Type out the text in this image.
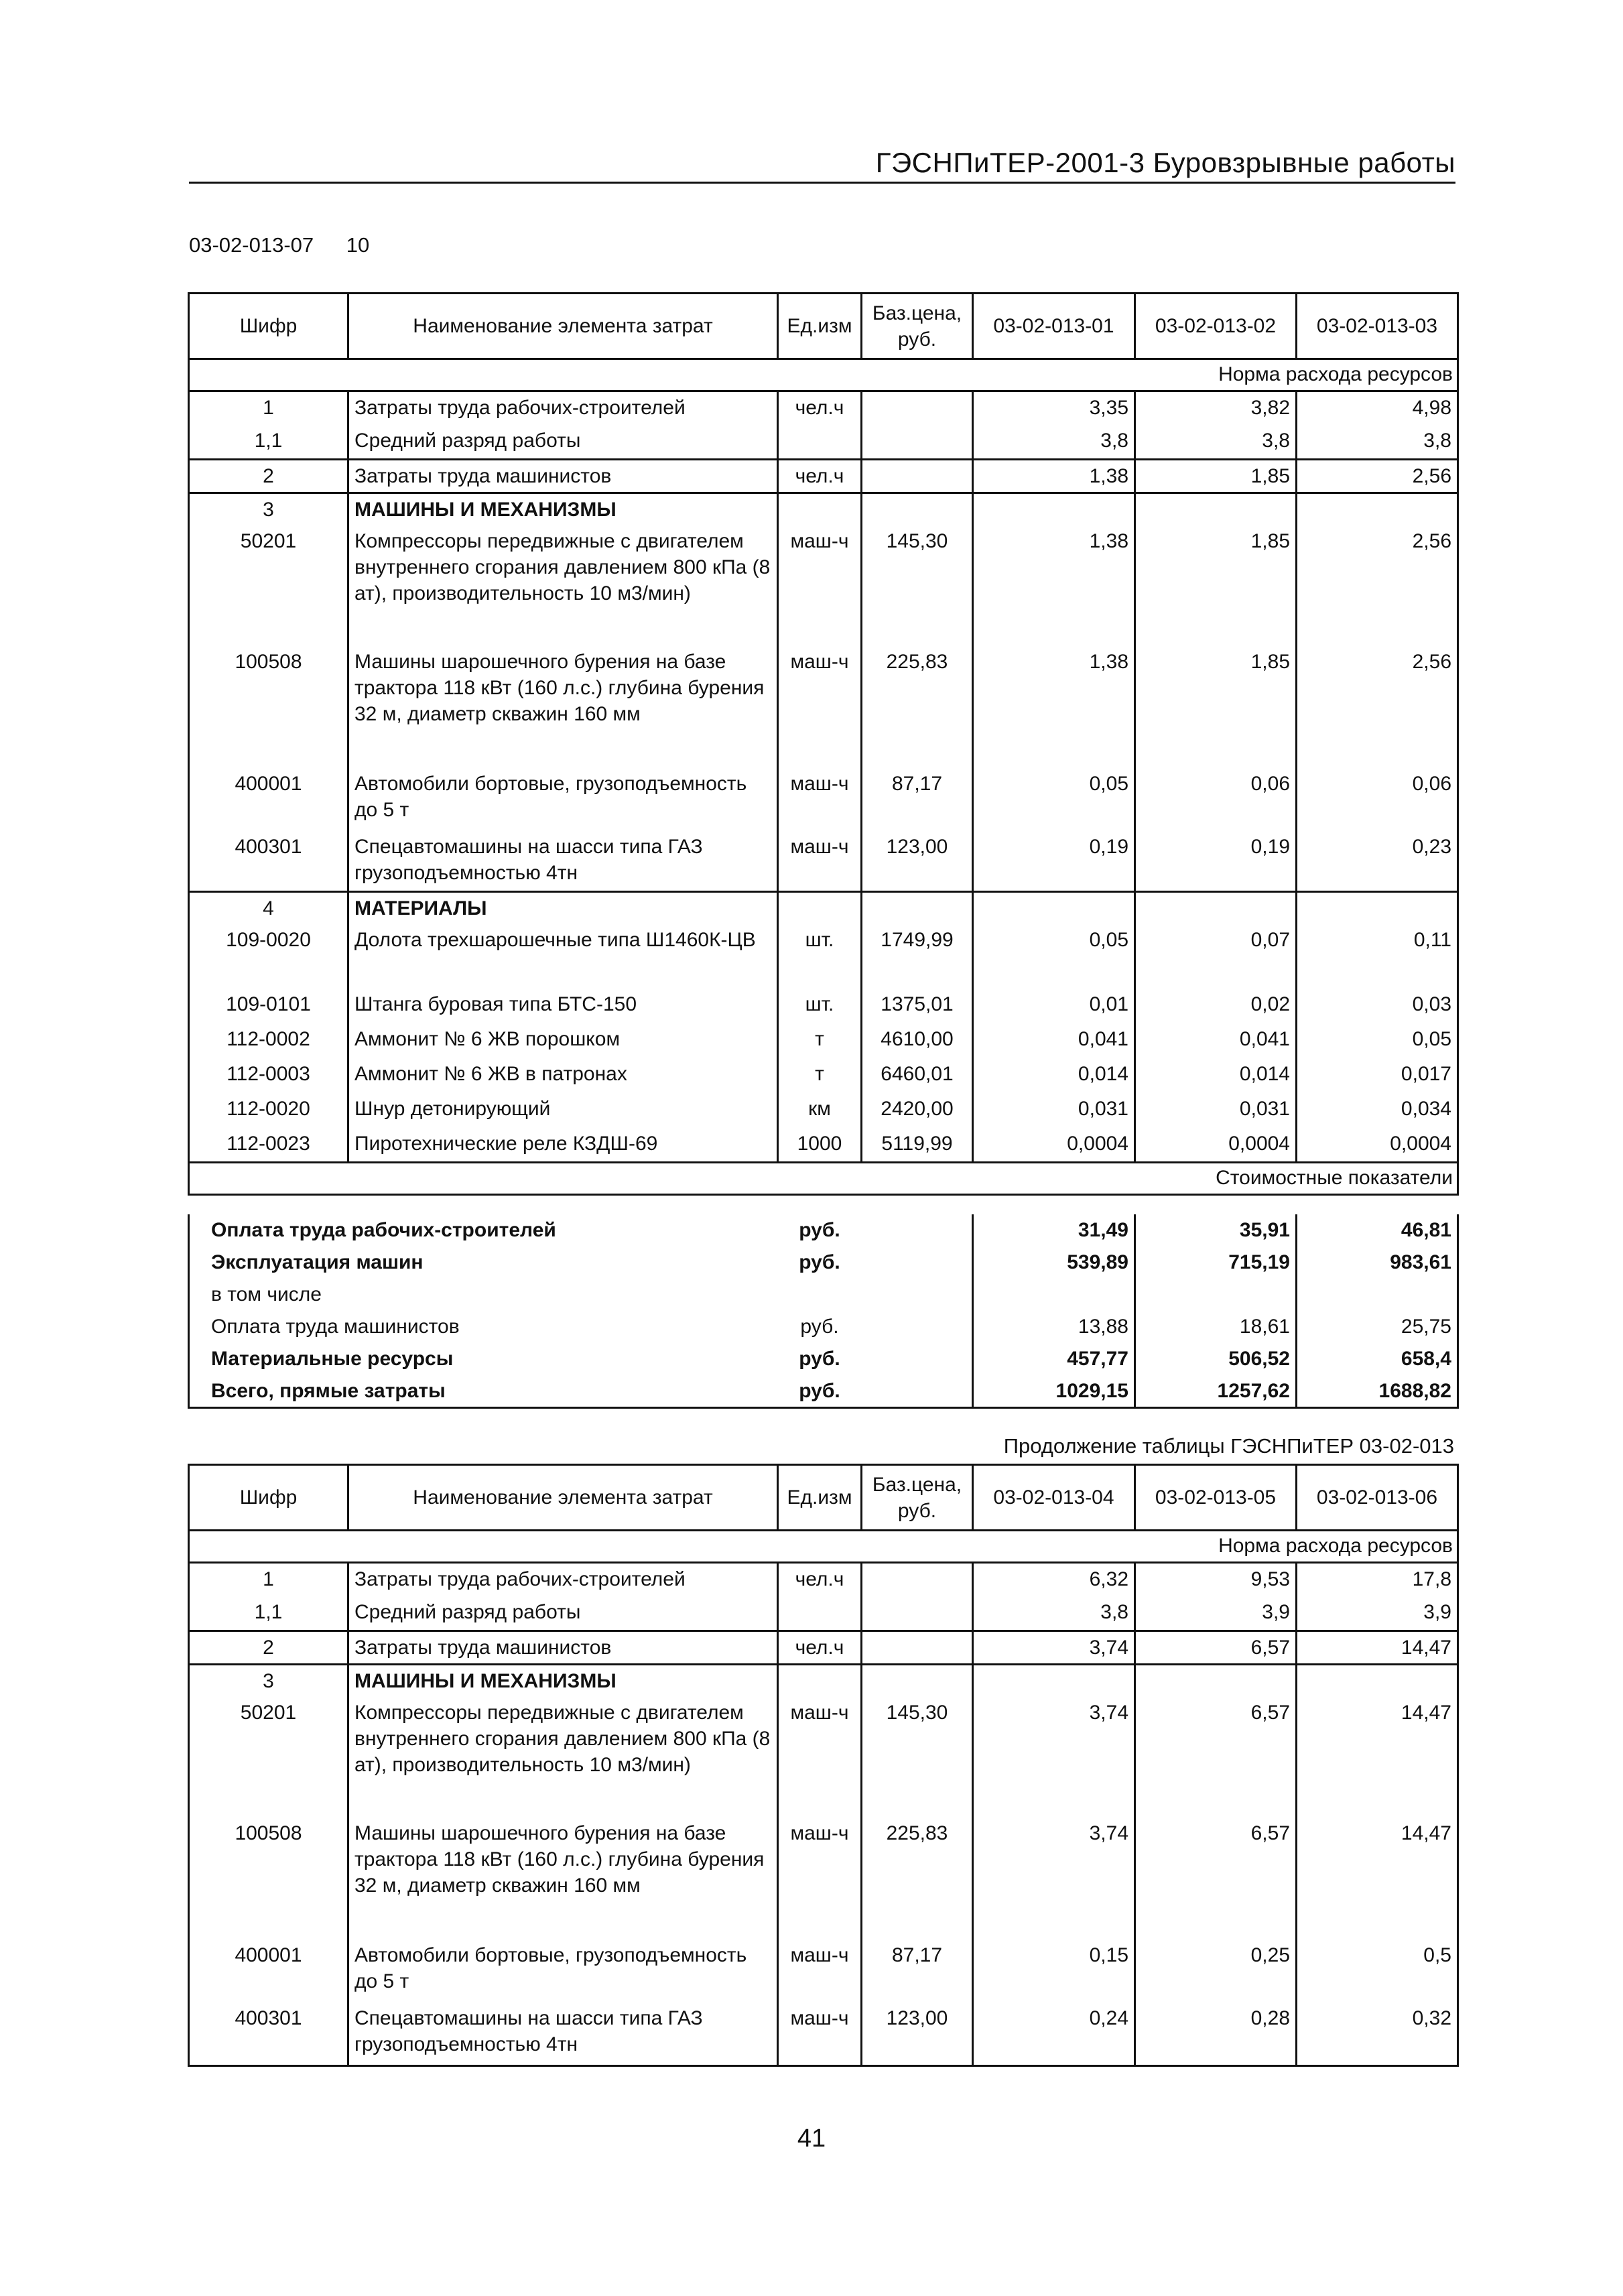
ГЭСНПиТЕР-2001-3 Буровзрывные работы
03-02-013-07 10
Шифр	Наименование элемента затрат	Ед.изм	Баз.цена, руб.	03-02-013-01	03-02-013-02	03-02-013-03
Норма расхода ресурсов						
1	Затраты труда рабочих-строителей	чел.ч		3,35	3,82	4,98
1,1	Средний разряд работы			3,8	3,8	3,8
2	Затраты труда машинистов	чел.ч		1,38	1,85	2,56
3	МАШИНЫ И МЕХАНИЗМЫ					
50201	Компрессоры передвижные с двигателем внутреннего сгорания давлением 800 кПа (8 ат), производительность 10 м3/мин)	маш-ч	145,30	1,38	1,85	2,56
100508	Машины шарошечного бурения на базе трактора 118 кВт (160 л.с.) глубина бурения 32 м, диаметр скважин 160 мм	маш-ч	225,83	1,38	1,85	2,56
400001	Автомобили бортовые, грузоподъемность до 5 т	маш-ч	87,17	0,05	0,06	0,06
400301	Спецавтомашины на шасси типа ГАЗ грузоподъемностью 4тн	маш-ч	123,00	0,19	0,19	0,23
4	МАТЕРИАЛЫ					
109-0020	Долота трехшарошечные типа Ш1460К-ЦВ	шт.	1749,99	0,05	0,07	0,11
109-0101	Штанга буровая типа БТС-150	шт.	1375,01	0,01	0,02	0,03
112-0002	Аммонит № 6 ЖВ порошком	т	4610,00	0,041	0,041	0,05
112-0003	Аммонит № 6 ЖВ в патронах	т	6460,01	0,014	0,014	0,017
112-0020	Шнур детонирующий	км	2420,00	0,031	0,031	0,034
112-0023	Пиротехнические реле КЗДШ-69	1000	5119,99	0,0004	0,0004	0,0004
Стоимостные показатели						
Оплата труда рабочих-строителей	руб.		31,49	35,91	46,81
Эксплуатация машин	руб.		539,89	715,19	983,61
в том числе					
Оплата труда машинистов	руб.		13,88	18,61	25,75
Материальные ресурсы	руб.		457,77	506,52	658,4
Всего, прямые затраты	руб.		1029,15	1257,62	1688,82
Продолжение таблицы ГЭСНПиТЕР 03-02-013
Шифр	Наименование элемента затрат	Ед.изм	Баз.цена, руб.	03-02-013-04	03-02-013-05	03-02-013-06
Норма расхода ресурсов						
1	Затраты труда рабочих-строителей	чел.ч		6,32	9,53	17,8
1,1	Средний разряд работы			3,8	3,9	3,9
2	Затраты труда машинистов	чел.ч		3,74	6,57	14,47
3	МАШИНЫ И МЕХАНИЗМЫ					
50201	Компрессоры передвижные с двигателем внутреннего сгорания давлением 800 кПа (8 ат), производительность 10 м3/мин)	маш-ч	145,30	3,74	6,57	14,47
100508	Машины шарошечного бурения на базе трактора 118 кВт (160 л.с.) глубина бурения 32 м, диаметр скважин 160 мм	маш-ч	225,83	3,74	6,57	14,47
400001	Автомобили бортовые, грузоподъемность до 5 т	маш-ч	87,17	0,15	0,25	0,5
400301	Спецавтомашины на шасси типа ГАЗ грузоподъемностью 4тн	маш-ч	123,00	0,24	0,28	0,32
41
